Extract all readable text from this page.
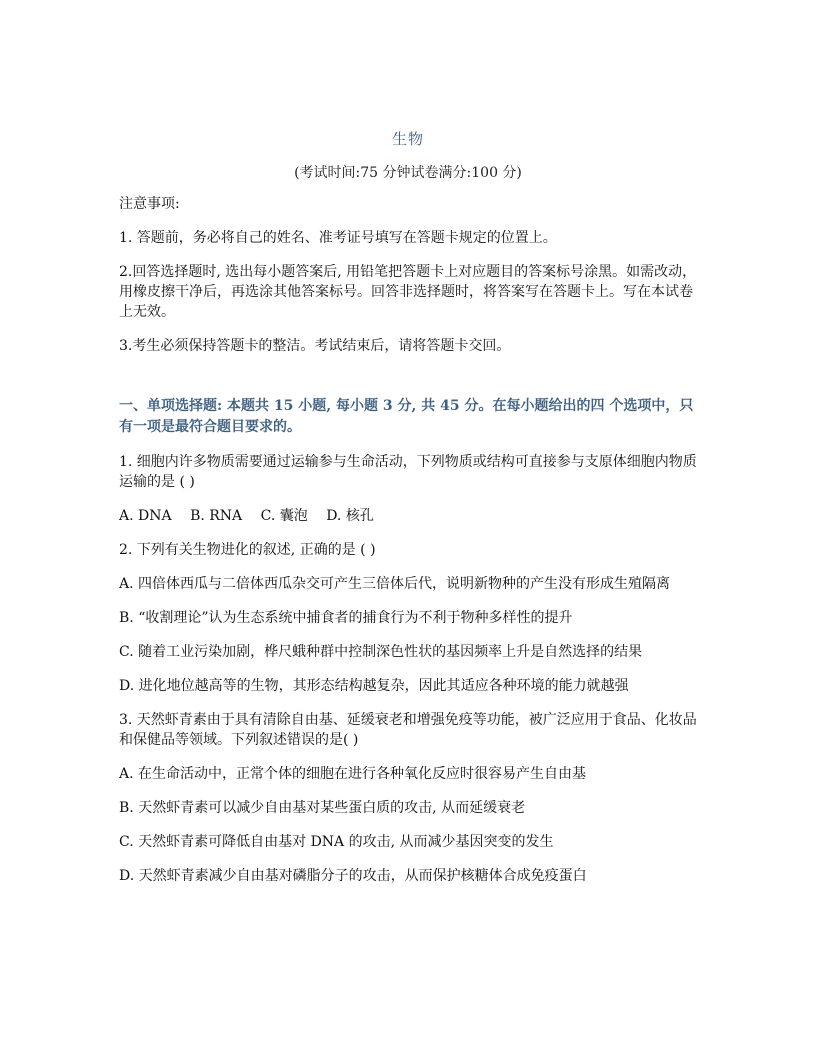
生物
(考试时间:75 分钟试卷满分:100 分)

注意事项:

1. 答题前，务必将自己的姓名、准考证号填写在答题卡规定的位置上。

2.回答选择题时, 选出每小题答案后, 用铅笔把答题卡上对应题目的答案标号涂黑。如需改动，用橡皮擦干净后，再选涂其他答案标号。回答非选择题时，将答案写在答题卡上。写在本试卷上无效。

3.考生必须保持答题卡的整洁。考试结束后，请将答题卡交回。

一、单项选择题: 本题共 15 小题, 每小题 3 分, 共 45 分。在每小题给出的四 个选项中，只有一项是最符合题目要求的。

1. 细胞内许多物质需要通过运输参与生命活动，下列物质或结构可直接参与支原体细胞内物质运输的是 ( )

A. DNA B. RNA C. 囊泡 D. 核孔

2. 下列有关生物进化的叙述, 正确的是 ( )

A. 四倍体西瓜与二倍体西瓜杂交可产生三倍体后代，说明新物种的产生没有形成生殖隔离

B. “收割理论”认为生态系统中捕食者的捕食行为不利于物种多样性的提升

C. 随着工业污染加剧，桦尺蛾种群中控制深色性状的基因频率上升是自然选择的结果

D. 进化地位越高等的生物，其形态结构越复杂，因此其适应各种环境的能力就越强

3. 天然虾青素由于具有清除自由基、延缓衰老和增强免疫等功能，被广泛应用于食品、化妆品和保健品等领域。下列叙述错误的是( )

A. 在生命活动中，正常个体的细胞在进行各种氧化反应时很容易产生自由基

B. 天然虾青素可以减少自由基对某些蛋白质的攻击, 从而延缓衰老

C. 天然虾青素可降低自由基对 DNA 的攻击, 从而减少基因突变的发生

D. 天然虾青素减少自由基对磷脂分子的攻击，从而保护核糖体合成免疫蛋白
